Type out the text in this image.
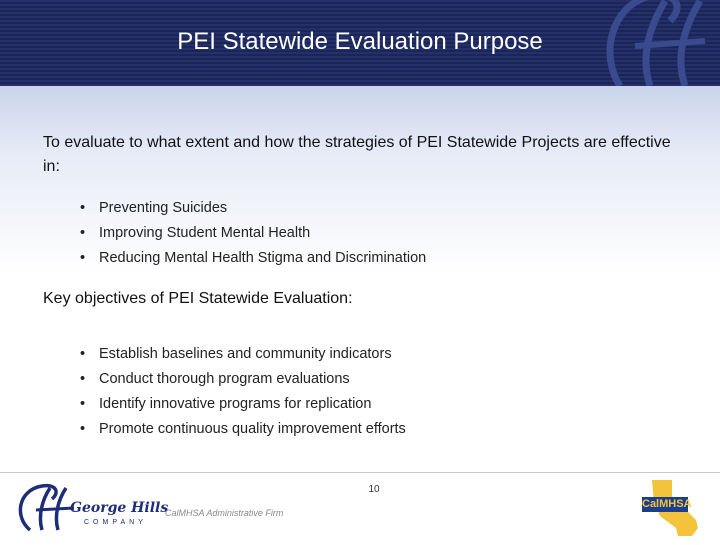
PEI Statewide Evaluation Purpose
To evaluate to what extent and how the strategies of PEI Statewide Projects are effective in:
• Preventing Suicides
• Improving Student Mental Health
• Reducing Mental Health Stigma and Discrimination
Key objectives of PEI Statewide Evaluation:
• Establish baselines and community indicators
• Conduct thorough program evaluations
• Identify innovative programs for replication
• Promote continuous quality improvement efforts
10
George Hills
COMPANY
CalMHSA Administrative Firm
CalMHSA
